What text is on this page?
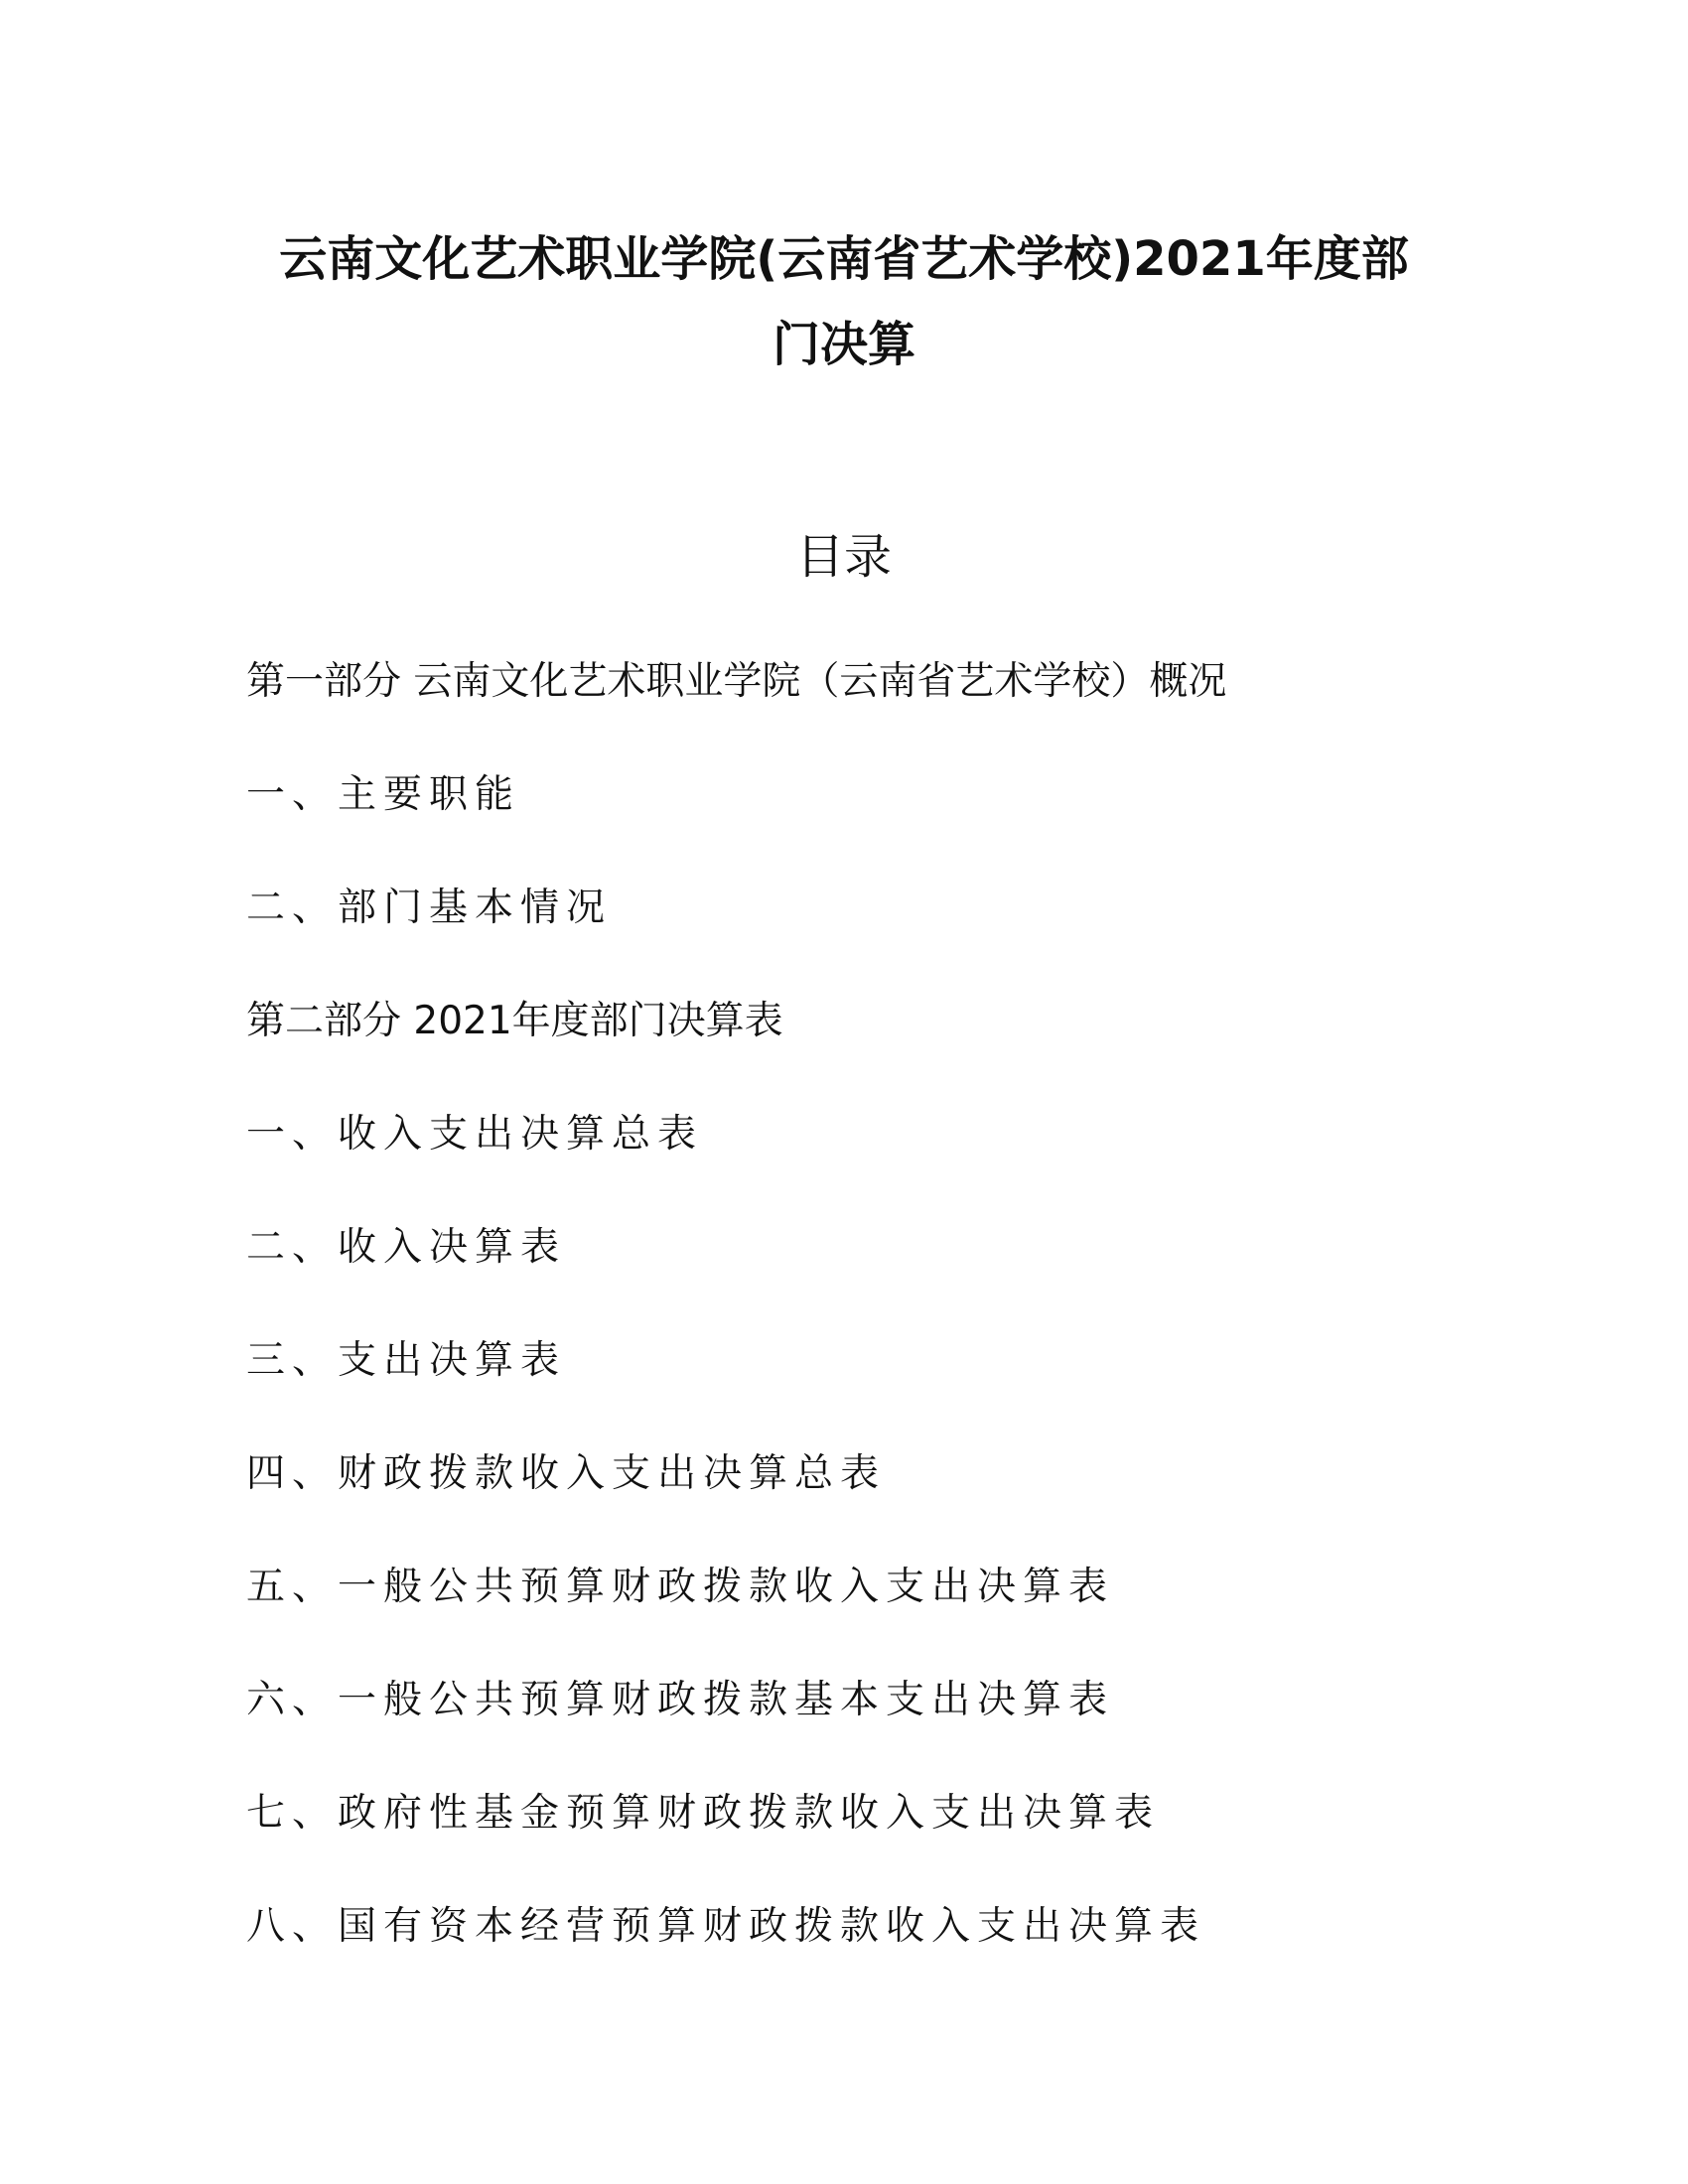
云南文化艺术职业学院(云南省艺术学校)2021年度部
门决算
目录
第一部分 云南文化艺术职业学院（云南省艺术学校）概况
一、主要职能
二、部门基本情况
第二部分 2021年度部门决算表
一、收入支出决算总表
二、收入决算表
三、支出决算表
四、财政拨款收入支出决算总表
五、一般公共预算财政拨款收入支出决算表
六、一般公共预算财政拨款基本支出决算表
七、政府性基金预算财政拨款收入支出决算表
八、国有资本经营预算财政拨款收入支出决算表
